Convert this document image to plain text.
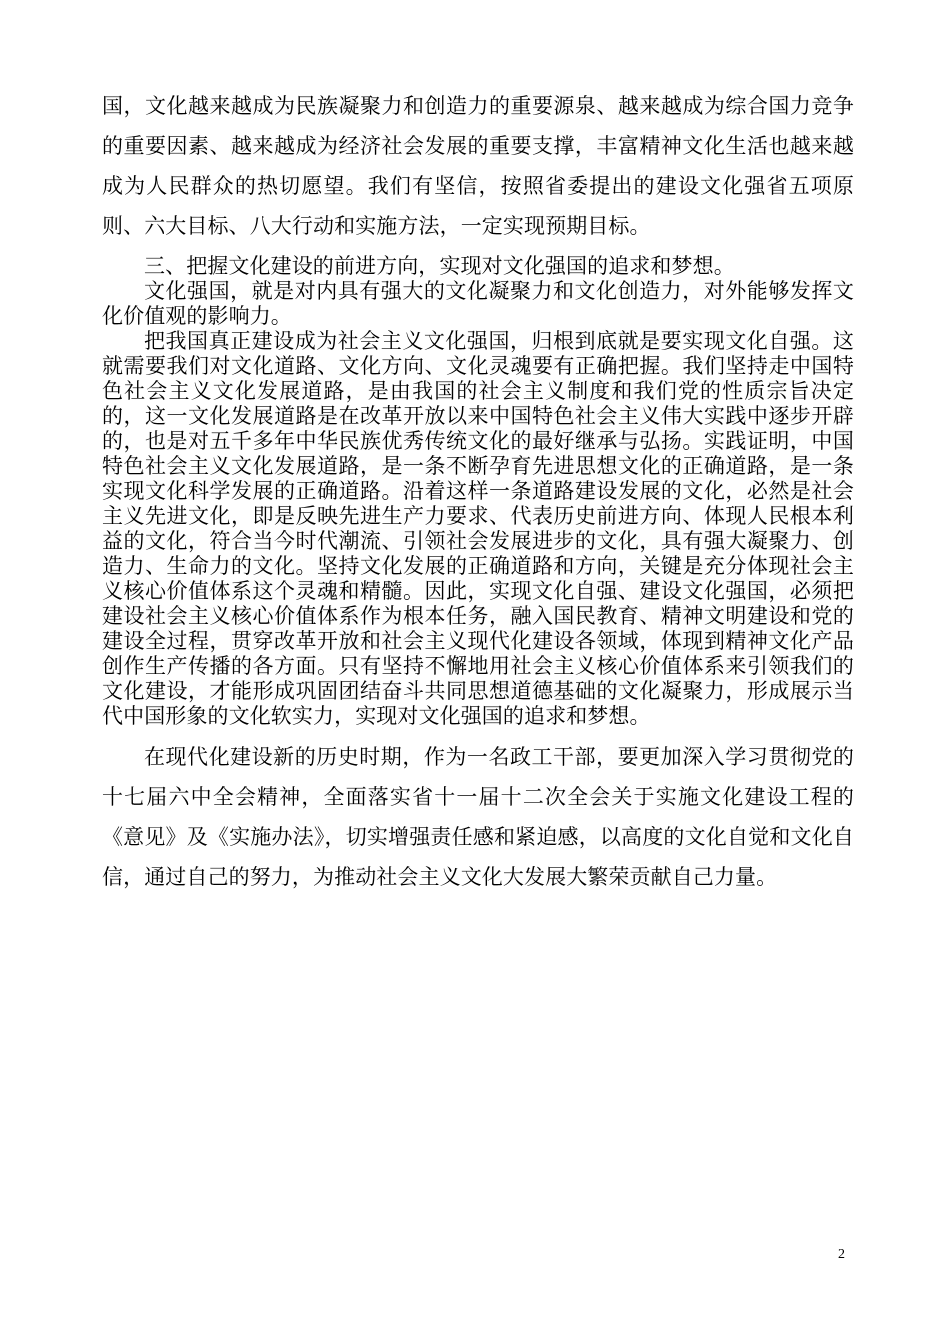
国，文化越来越成为民族凝聚力和创造力的重要源泉、越来越成为综合国力竞争的重要因素、越来越成为经济社会发展的重要支撑，丰富精神文化生活也越来越成为人民群众的热切愿望。我们有坚信，按照省委提出的建设文化强省五项原则、六大目标、八大行动和实施方法，一定实现预期目标。

三、把握文化建设的前进方向，实现对文化强国的追求和梦想。

文化强国，就是对内具有强大的文化凝聚力和文化创造力，对外能够发挥文化价值观的影响力。

把我国真正建设成为社会主义文化强国，归根到底就是要实现文化自强。这就需要我们对文化道路、文化方向、文化灵魂要有正确把握。我们坚持走中国特色社会主义文化发展道路，是由我国的社会主义制度和我们党的性质宗旨决定的，这一文化发展道路是在改革开放以来中国特色社会主义伟大实践中逐步开辟的，也是对五千多年中华民族优秀传统文化的最好继承与弘扬。实践证明，中国特色社会主义文化发展道路，是一条不断孕育先进思想文化的正确道路，是一条实现文化科学发展的正确道路。沿着这样一条道路建设发展的文化，必然是社会主义先进文化，即是反映先进生产力要求、代表历史前进方向、体现人民根本利益的文化，符合当今时代潮流、引领社会发展进步的文化，具有强大凝聚力、创造力、生命力的文化。坚持文化发展的正确道路和方向，关键是充分体现社会主义核心价值体系这个灵魂和精髓。因此，实现文化自强、建设文化强国，必须把建设社会主义核心价值体系作为根本任务，融入国民教育、精神文明建设和党的建设全过程，贯穿改革开放和社会主义现代化建设各领域，体现到精神文化产品创作生产传播的各方面。只有坚持不懈地用社会主义核心价值体系来引领我们的文化建设，才能形成巩固团结奋斗共同思想道德基础的文化凝聚力，形成展示当代中国形象的文化软实力，实现对文化强国的追求和梦想。

在现代化建设新的历史时期，作为一名政工干部，要更加深入学习贯彻党的十七届六中全会精神，全面落实省十一届十二次全会关于实施文化建设工程的《意见》及《实施办法》，切实增强责任感和紧迫感，以高度的文化自觉和文化自信，通过自己的努力，为推动社会主义文化大发展大繁荣贡献自己力量。

2
